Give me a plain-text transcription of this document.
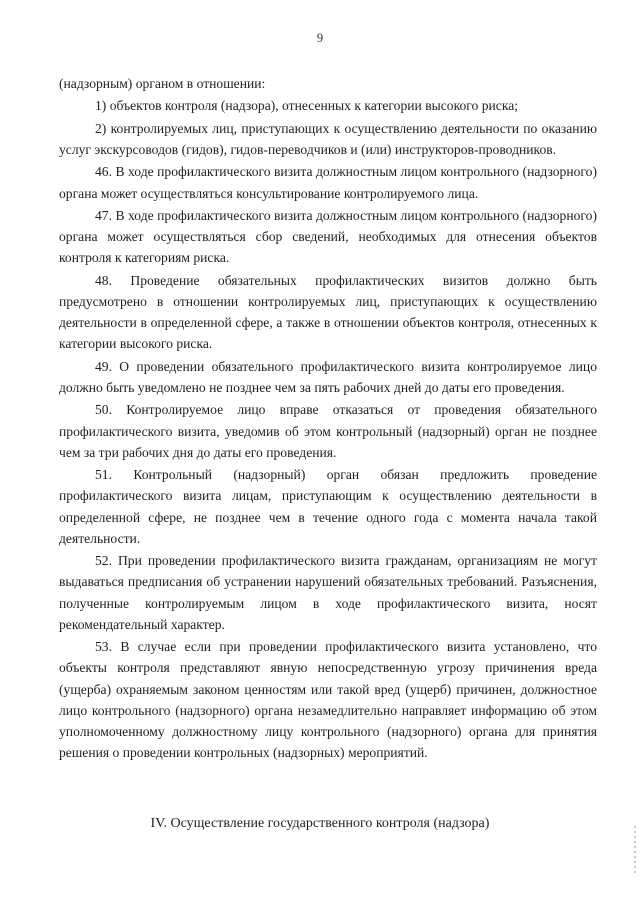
9

(надзорным) органом в отношении:

1) объектов контроля (надзора), отнесенных к категории высокого риска;

2) контролируемых лиц, приступающих к осуществлению деятельности по оказанию услуг экскурсоводов (гидов), гидов-переводчиков и (или) инструкторов-проводников.

46. В ходе профилактического визита должностным лицом контрольного (надзорного) органа может осуществляться консультирование контролируемого лица.

47. В ходе профилактического визита должностным лицом контрольного (надзорного) органа может осуществляться сбор сведений, необходимых для отнесения объектов контроля к категориям риска.

48. Проведение обязательных профилактических визитов должно быть предусмотрено в отношении контролируемых лиц, приступающих к осуществлению деятельности в определенной сфере, а также в отношении объектов контроля, отнесенных к категории высокого риска.

49. О проведении обязательного профилактического визита контролируемое лицо должно быть уведомлено не позднее чем за пять рабочих дней до даты его проведения.

50. Контролируемое лицо вправе отказаться от проведения обязательного профилактического визита, уведомив об этом контрольный (надзорный) орган не позднее чем за три рабочих дня до даты его проведения.

51. Контрольный (надзорный) орган обязан предложить проведение профилактического визита лицам, приступающим к осуществлению деятельности в определенной сфере, не позднее чем в течение одного года с момента начала такой деятельности.

52. При проведении профилактического визита гражданам, организациям не могут выдаваться предписания об устранении нарушений обязательных требований. Разъяснения, полученные контролируемым лицом в ходе профилактического визита, носят рекомендательный характер.

53. В случае если при проведении профилактического визита установлено, что объекты контроля представляют явную непосредственную угрозу причинения вреда (ущерба) охраняемым законом ценностям или такой вред (ущерб) причинен, должностное лицо контрольного (надзорного) органа незамедлительно направляет информацию об этом уполномоченному должностному лицу контрольного (надзорного) органа для принятия решения о проведении контрольных (надзорных) мероприятий.

IV. Осуществление государственного контроля (надзора)
